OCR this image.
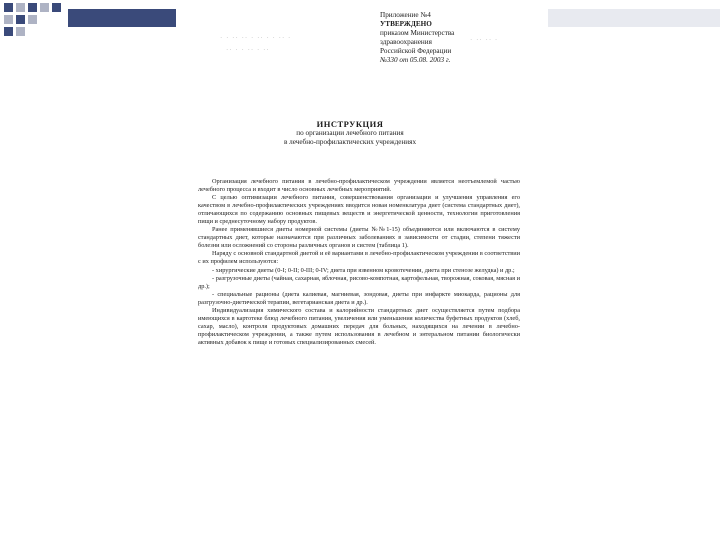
· · ·· ·· · ·· · · ·· ·
·· · · ·· · ··
· ·· ·· ·
Приложение №4
УТВЕРЖДЕНО
приказом Министерства
здравоохранения
Российской Федерации
№330 от 05.08. 2003 г.
ИНСТРУКЦИЯ
по организации лечебного питания
в лечебно-профилактических учреждениях

Организация лечебного питания в лечебно-профилактическом учреждении является неотъемлемой частью лечебного процесса и входит в число основных лечебных мероприятий.

С целью оптимизации лечебного питания, совершенствования организации и улучшения управления его качеством в лечебно-профилактических учреждениях вводится новая номенклатура диет (система стандартных диет), отличающихся по содержанию основных пищевых веществ и энергетической ценности, технологии приготовления пищи и среднесуточному набору продуктов.

Ранее применявшиеся диеты номерной системы (диеты №№1-15) объединяются или включаются в систему стандартных диет, которые назначаются при различных заболеваниях в зависимости от стадии, степени тяжести болезни или осложнений со стороны различных органов и систем (таблица 1).

Наряду с основной стандартной диетой и её вариантами в лечебно-профилактическом учреждении в соответствии с их профилем используются:

- хирургические диеты (0-I; 0-II; 0-III; 0-IV; диета при язвенном кровотечении, диета при стенозе желудка) и др.;

- разгрузочные диеты (чайная, сахарная, яблочная, рисово-компотная, картофельная, творожная, соковая, мясная и др.);

- специальные рационы (диета калиевая, магниевая, зондовая, диеты при инфаркте миокарда, рационы для разгрузочно-диетической терапии, вегетарианская диета и др.).

Индивидуализация химического состава и калорийности стандартных диет осуществляется путем подбора имеющихся в картотеке блюд лечебного питания, увеличения или уменьшения количества буфетных продуктов (хлеб, сахар, масло), контроля продуктовых домашних передач для больных, находящихся на лечении в лечебно-профилактическом учреждении, а также путем использования в лечебном и энтеральном питании биологически активных добавок к пище и готовых специализированных смесей.
